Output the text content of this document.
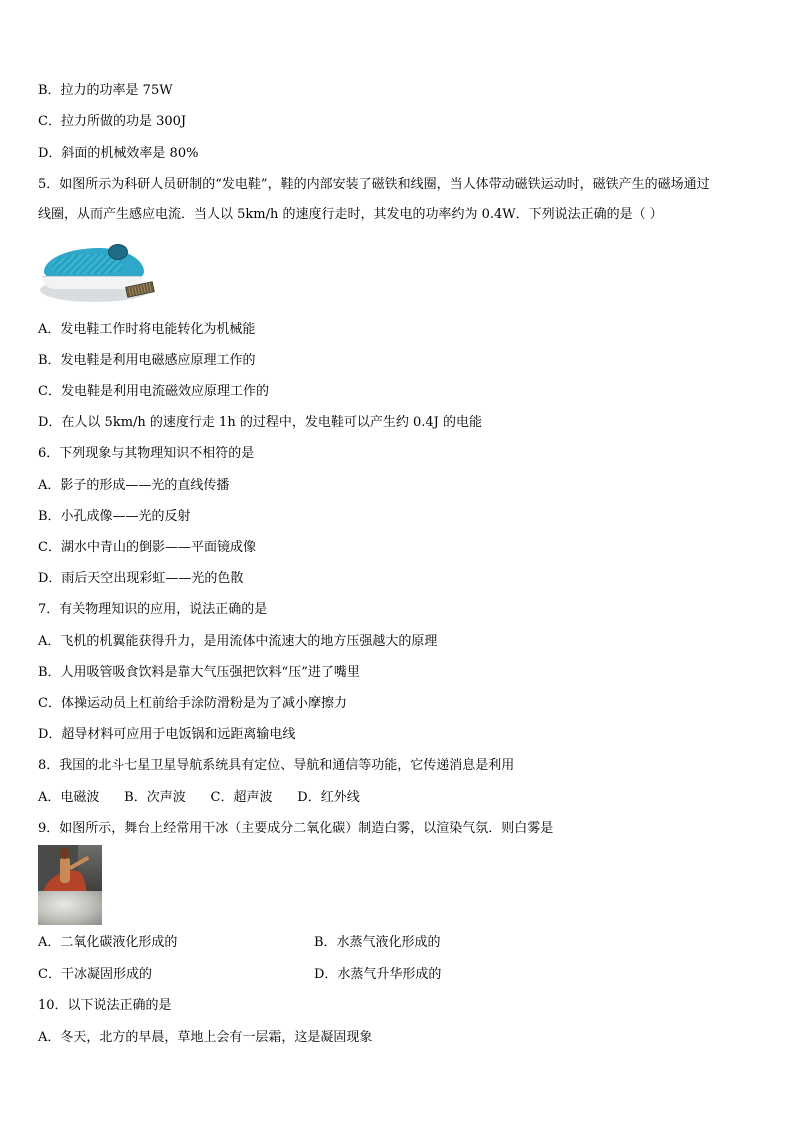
B．拉力的功率是 75W
C．拉力所做的功是 300J
D．斜面的机械效率是 80%
5．如图所示为科研人员研制的“发电鞋”，鞋的内部安装了磁铁和线圈，当人体带动磁铁运动时，磁铁产生的磁场通过
线圈，从而产生感应电流．当人以 5km/h 的速度行走时，其发电的功率约为 0.4W．下列说法正确的是（ ）
A．发电鞋工作时将电能转化为机械能
B．发电鞋是利用电磁感应原理工作的
C．发电鞋是利用电流磁效应原理工作的
D．在人以 5km/h 的速度行走 1h 的过程中，发电鞋可以产生约 0.4J 的电能
6．下列现象与其物理知识不相符的是
A．影子的形成——光的直线传播
B．小孔成像——光的反射
C．湖水中青山的倒影——平面镜成像
D．雨后天空出现彩虹——光的色散
7．有关物理知识的应用，说法正确的是
A．飞机的机翼能获得升力，是用流体中流速大的地方压强越大的原理
B．人用吸管吸食饮料是靠大气压强把饮料“压”进了嘴里
C．体操运动员上杠前给手涂防滑粉是为了减小摩擦力
D．超导材料可应用于电饭锅和远距离输电线
8．我国的北斗七星卫星导航系统具有定位、导航和通信等功能，它传递消息是利用
A．电磁波      B．次声波      C．超声波      D．红外线
9．如图所示，舞台上经常用干冰（主要成分二氧化碳）制造白雾，以渲染气氛．则白雾是
A．二氧化碳液化形成的	B．水蒸气液化形成的
C．干冰凝固形成的	D．水蒸气升华形成的
10．以下说法正确的是
A．冬天，北方的早晨，草地上会有一层霜，这是凝固现象
